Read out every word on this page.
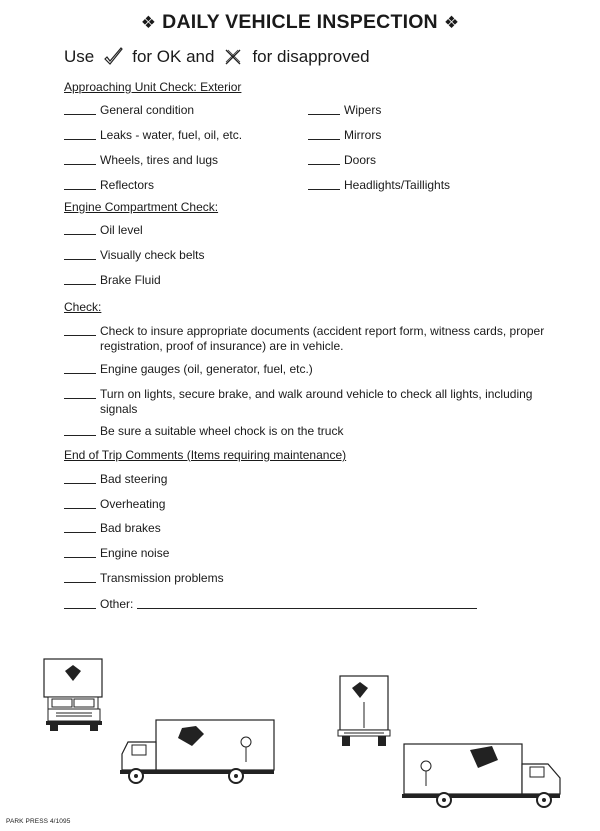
❖ DAILY VEHICLE INSPECTION ❖
Use for OK and for disapproved
Approaching Unit Check: Exterior
General condition
Leaks - water, fuel, oil, etc.
Wheels, tires and lugs
Reflectors
Wipers
Mirrors
Doors
Headlights/Taillights
Engine Compartment Check:
Oil level
Visually check belts
Brake Fluid
Check:
Check to insure appropriate documents (accident report form, witness cards, proper registration, proof of insurance) are in vehicle.
Engine gauges (oil, generator, fuel, etc.)
Turn on lights, secure brake, and walk around vehicle to check all lights, including signals
Be sure a suitable wheel chock is on the truck
End of Trip Comments (Items requiring maintenance)
Bad steering
Overheating
Bad brakes
Engine noise
Transmission problems
Other:
PARK PRESS 4/1095
